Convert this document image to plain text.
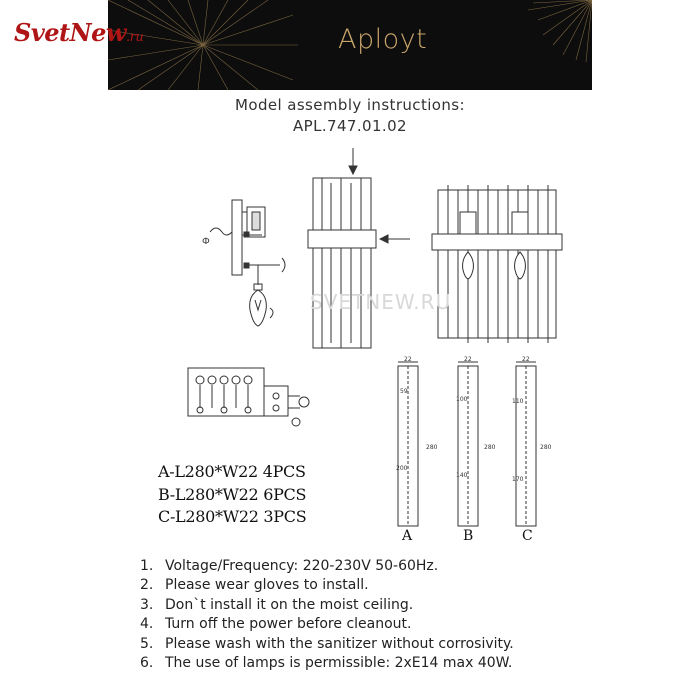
Aployt
SvetNew.ru
Model assembly instructions:
APL.747.01.02
Ф
SVETNEW.RU
22
59
280
200
22
100
280
140
22
110
280
170
A	B	C
A-L280*W22 4PCS
B-L280*W22 6PCS
C-L280*W22 3PCS
1. Voltage/Frequency: 220-230V 50-60Hz.
2. Please wear gloves to install.
3. Don`t install it on the moist ceiling.
4. Turn off the power before cleanout.
5. Please wash with the sanitizer without corrosivity.
6. The use of lamps is permissible: 2xE14 max 40W.
